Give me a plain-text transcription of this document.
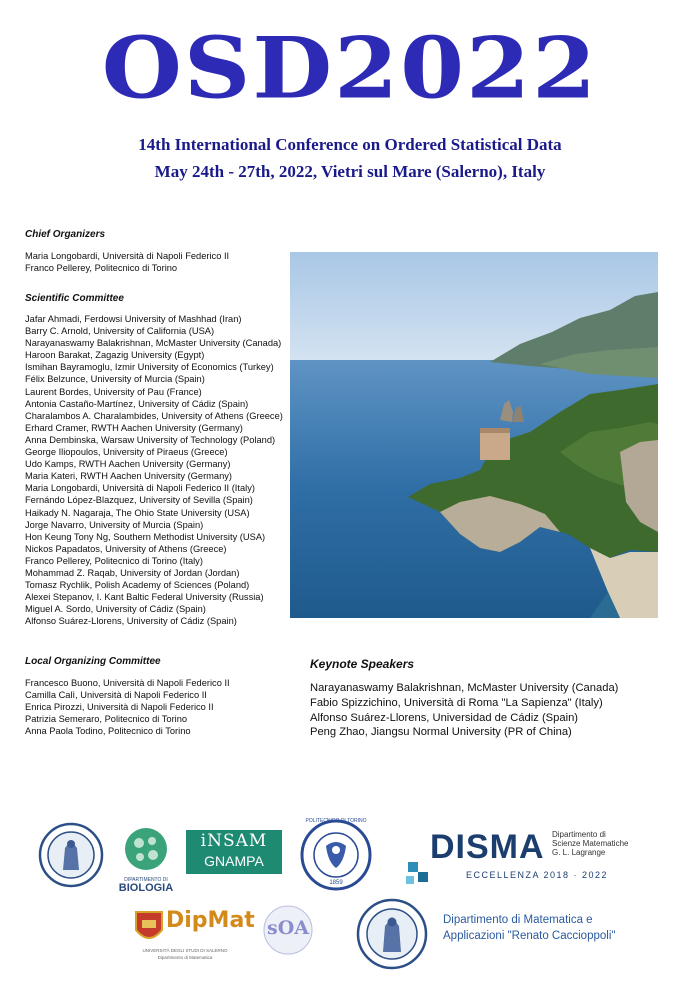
OSD2022
14th International Conference on Ordered Statistical Data
May 24th - 27th, 2022, Vietri sul Mare (Salerno), Italy
Chief Organizers
Maria Longobardi, Università di Napoli Federico II
Franco Pellerey, Politecnico di Torino
Scientific Committee
Jafar Ahmadi, Ferdowsi University of Mashhad (Iran)
Barry C. Arnold, University of California (USA)
Narayanaswamy Balakrishnan, McMaster University (Canada)
Haroon Barakat, Zagazig University (Egypt)
Ismihan Bayramoglu, Izmir University of Economics (Turkey)
Félix Belzunce, University of Murcia (Spain)
Laurent Bordes, University of Pau (France)
Antonia Castaño-Martínez, University of Cádiz (Spain)
Charalambos A. Charalambides, University of Athens (Greece)
Erhard Cramer, RWTH Aachen University (Germany)
Anna Dembinska, Warsaw University of Technology (Poland)
George Iliopoulos, University of Piraeus (Greece)
Udo Kamps, RWTH Aachen University (Germany)
Maria Kateri, RWTH Aachen University (Germany)
Maria Longobardi, Università di Napoli Federico II (Italy)
Fernándo López-Blazquez, University of Sevilla (Spain)
Haikady N. Nagaraja, The Ohio State University (USA)
Jorge Navarro, University of Murcia (Spain)
Hon Keung Tony Ng, Southern Methodist University (USA)
Nickos Papadatos, University of Athens (Greece)
Franco Pellerey, Politecnico di Torino (Italy)
Mohammad Z. Raqab, University of Jordan (Jordan)
Tomasz Rychlik, Polish Academy of Sciences (Poland)
Alexei Stepanov, I. Kant Baltic Federal University (Russia)
Miguel A. Sordo, University of Cádiz (Spain)
Alfonso Suárez-Llorens, University of Cádiz (Spain)
Local Organizing Committee
Francesco Buono, Università di Napoli Federico II
Camilla Calì, Università di Napoli Federico II
Enrica Pirozzi, Università di Napoli Federico II
Patrizia Semeraro, Politecnico di Torino
Anna Paola Todino, Politecnico di Torino
Keynote Speakers
Narayanaswamy Balakrishnan, McMaster University (Canada)
Fabio Spizzichino, Università di Roma "La Sapienza" (Italy)
Alfonso Suárez-Llorens, Universidad de Cádiz (Spain)
Peng Zhao, Jiangsu Normal University (PR of China)
DIPARTIMENTO DI
BIOLOGIA
iNSAM
GNAMPA
POLITECNICO DI TORINO
1859
DISMA Dipartimento di
Scienze Matematiche
G. L. Lagrange
ECCELLENZA 2018 · 2022
DipMat
UNIVERSITÀ DEGLI STUDI DI SALERNO
Dipartimento di Matematica
sOA	Dipartimento di Matematica e
Applicazioni "Renato Caccioppoli"
